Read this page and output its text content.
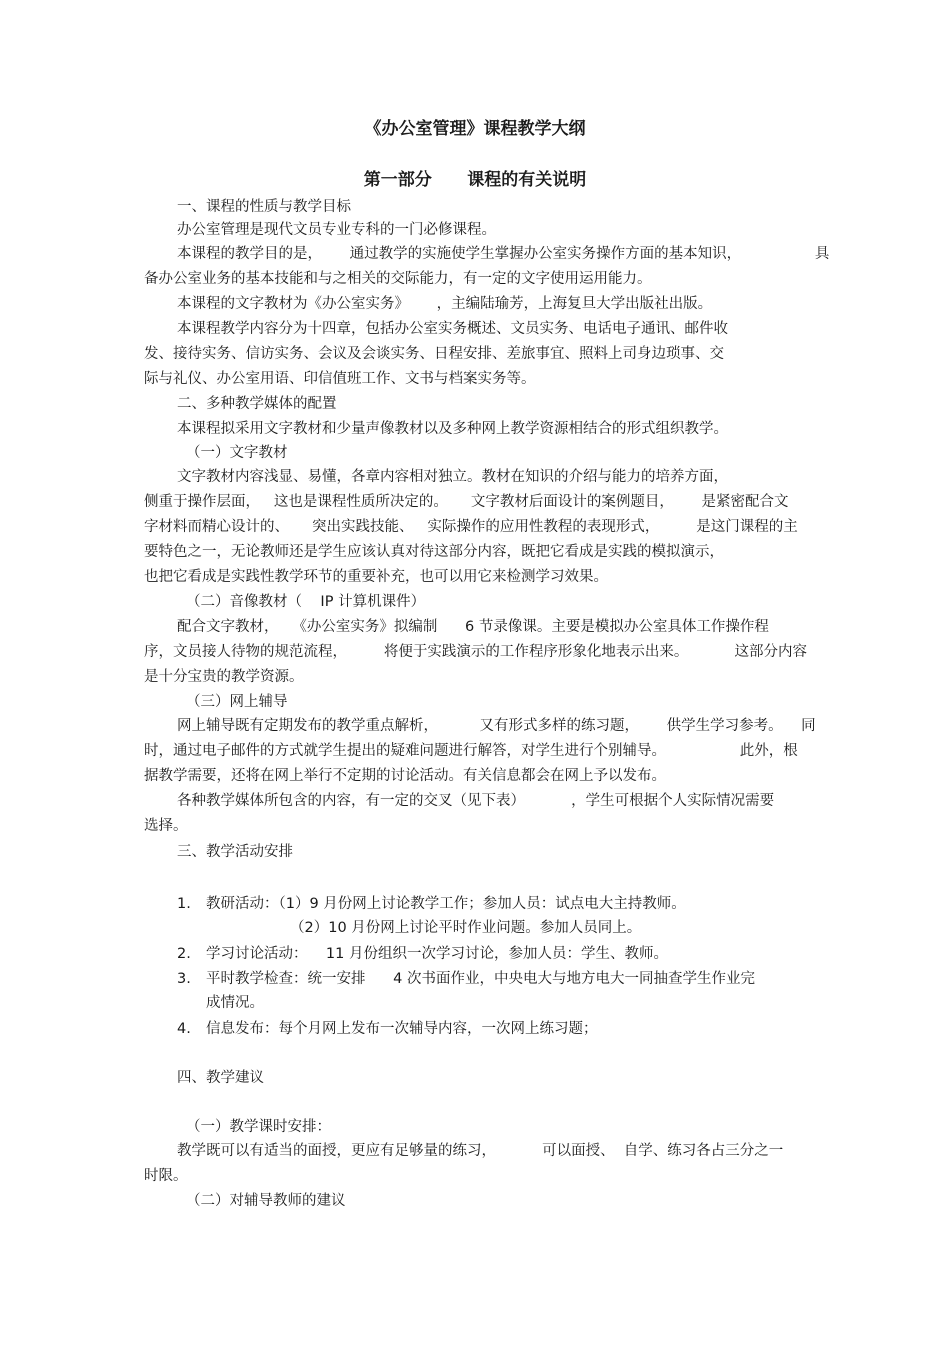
《办公室管理》课程教学大纲
第一部分      课程的有关说明

一、课程的性质与教学目标

办公室管理是现代文员专业专科的一门必修课程。

本课程的教学目的是，      通过教学的实施使学生掌握办公室实务操作方面的基本知识，                具

备办公室业务的基本技能和与之相关的交际能力，有一定的文字使用运用能力。

本课程的文字教材为《办公室实务》      ，主编陆瑜芳，上海复旦大学出版社出版。

本课程教学内容分为十四章，包括办公室实务概述、文员实务、电话电子通讯、邮件收

发、接待实务、信访实务、会议及会谈实务、日程安排、差旅事宜、照料上司身边琐事、交

际与礼仪、办公室用语、印信值班工作、文书与档案实务等。

二、多种教学媒体的配置

本课程拟采用文字教材和少量声像教材以及多种网上教学资源相结合的形式组织教学。

（一）文字教材

文字教材内容浅显、易懂，各章内容相对独立。教材在知识的介绍与能力的培养方面，

侧重于操作层面，   这也是课程性质所决定的。     文字教材后面设计的案例题目，      是紧密配合文

字材料而精心设计的、     突出实践技能、   实际操作的应用性教程的表现形式，        是这门课程的主

要特色之一，无论教师还是学生应该认真对待这部分内容，既把它看成是实践的模拟演示，

也把它看成是实践性教学环节的重要补充，也可以用它来检测学习效果。

（二）音像教材（    IP 计算机课件）

配合文字教材，   《办公室实务》拟编制      6 节录像课。主要是模拟办公室具体工作操作程

序，文员接人待物的规范流程，        将便于实践演示的工作程序形象化地表示出来。          这部分内容

是十分宝贵的教学资源。

（三）网上辅导

网上辅导既有定期发布的教学重点解析，         又有形式多样的练习题，      供学生学习参考。    同

时，通过电子邮件的方式就学生提出的疑难问题进行解答，对学生进行个别辅导。                此外，根

据教学需要，还将在网上举行不定期的讨论活动。有关信息都会在网上予以发布。

各种教学媒体所包含的内容，有一定的交叉（见下表）          ，学生可根据个人实际情况需要

选择。

三、教学活动安排

1. 教研活动：（1）9 月份网上讨论教学工作；参加人员：试点电大主持教师。

（2）10 月份网上讨论平时作业问题。参加人员同上。

2. 学习讨论活动：    11 月份组织一次学习讨论，参加人员：学生、教师。

3. 平时教学检查：统一安排      4 次书面作业，中央电大与地方电大一同抽查学生作业完

成情况。

4. 信息发布：每个月网上发布一次辅导内容，一次网上练习题；

四、教学建议

（一）教学课时安排：

教学既可以有适当的面授，更应有足够量的练习，          可以面授、  自学、练习各占三分之一

时限。

（二）对辅导教师的建议
